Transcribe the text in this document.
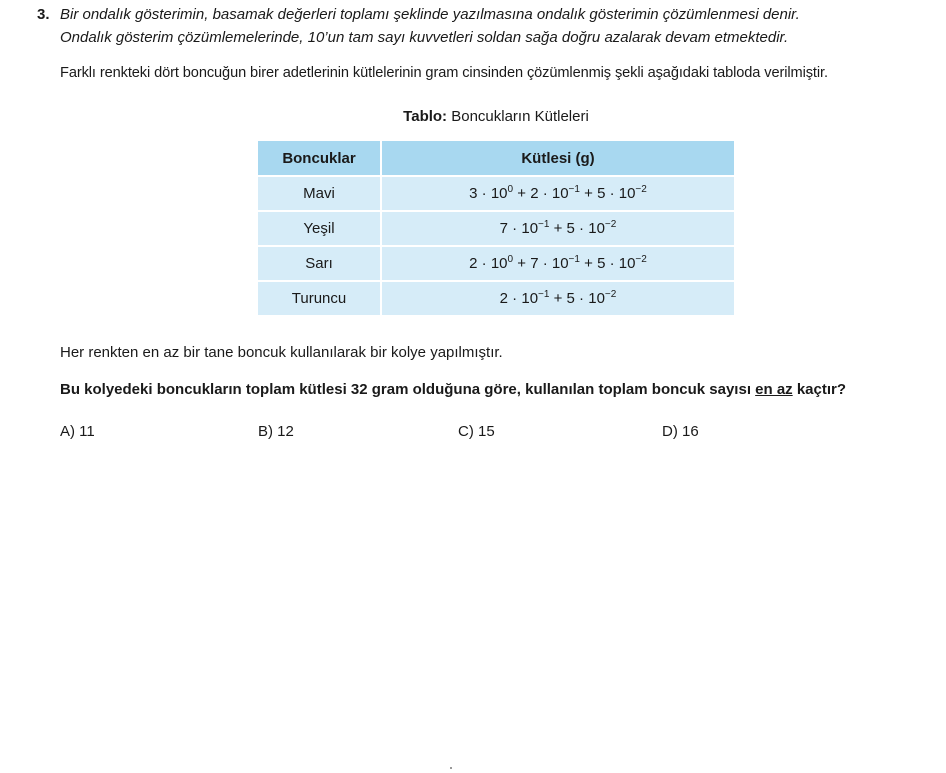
3. Bir ondalık gösterimin, basamak değerleri toplamı şeklinde yazılmasına ondalık gösterimin çözümlenmesi denir.
Ondalık gösterim çözümlemelerinde, 10’un tam sayı kuvvetleri soldan sağa doğru azalarak devam etmektedir.
Farklı renkteki dört boncuğun birer adetlerinin kütlelerinin gram cinsinden çözümlenmiş şekli aşağıdaki tabloda verilmiştir.
Tablo: Boncukların Kütleleri
Boncuklar	Kütlesi (g)
Mavi	$3 \cdot 10^0 + 2 \cdot 10^{-1} + 5 \cdot 10^{-2}$
Yeşil	$7 \cdot 10^{-1} + 5 \cdot 10^{-2}$
Sarı	$2 \cdot 10^0 + 7 \cdot 10^{-1} + 5 \cdot 10^{-2}$
Turuncu	$2 \cdot 10^{-1} + 5 \cdot 10^{-2}$
Her renkten en az bir tane boncuk kullanılarak bir kolye yapılmıştır.
Bu kolyedeki boncukların toplam kütlesi 32 gram olduğuna göre, kullanılan toplam boncuk sayısı en az kaçtır?
A) 11	B) 12	C) 15	D) 16
